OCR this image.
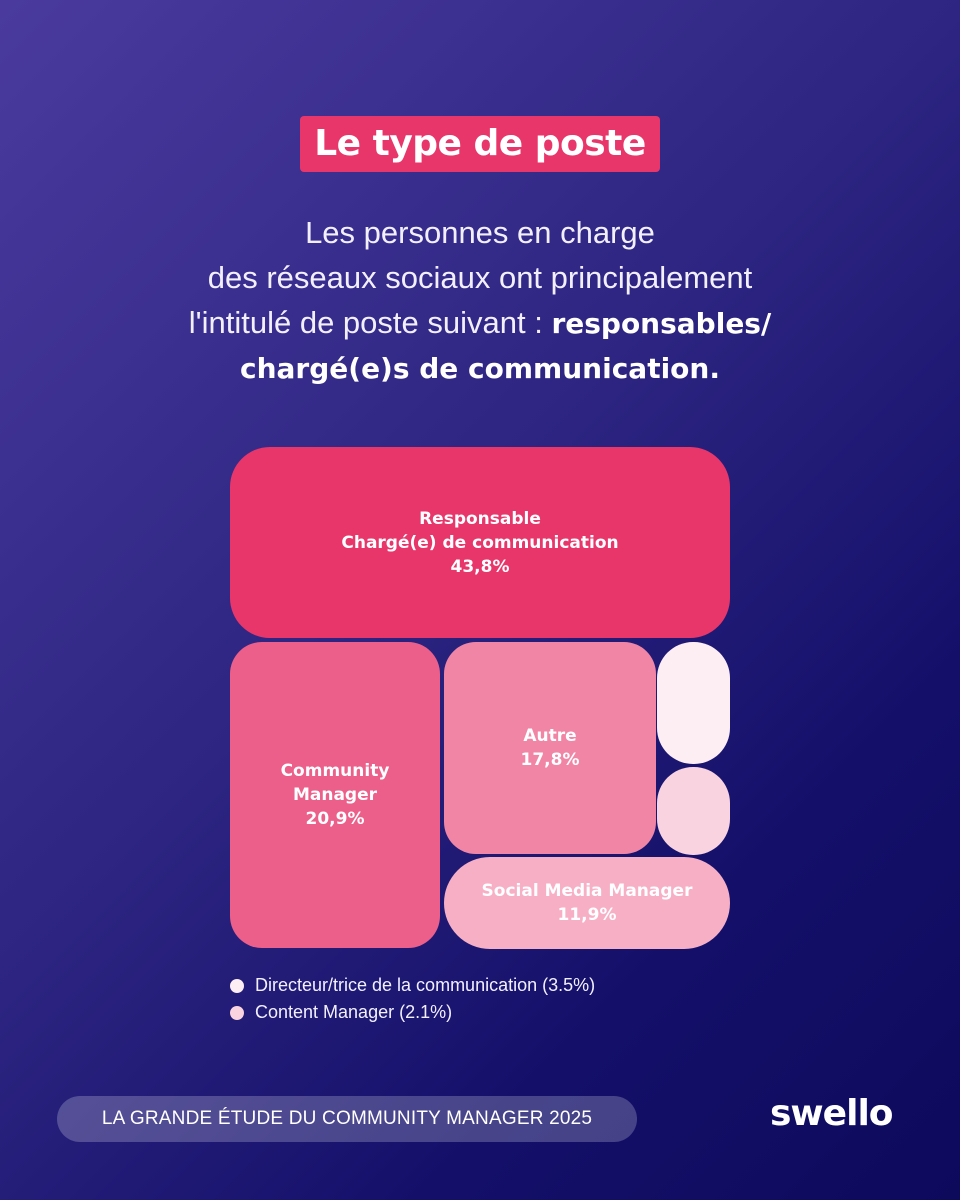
Le type de poste
Les personnes en charge
des réseaux sociaux ont principalement
l'intitulé de poste suivant : responsables/
chargé(e)s de communication.
Responsable
Chargé(e) de communication
43,8%
Community
Manager
20,9%
Autre
17,8%
Social Media Manager
11,9%
Directeur/trice de la communication (3.5%)
Content Manager (2.1%)
LA GRANDE ÉTUDE DU COMMUNITY MANAGER 2025	swello
